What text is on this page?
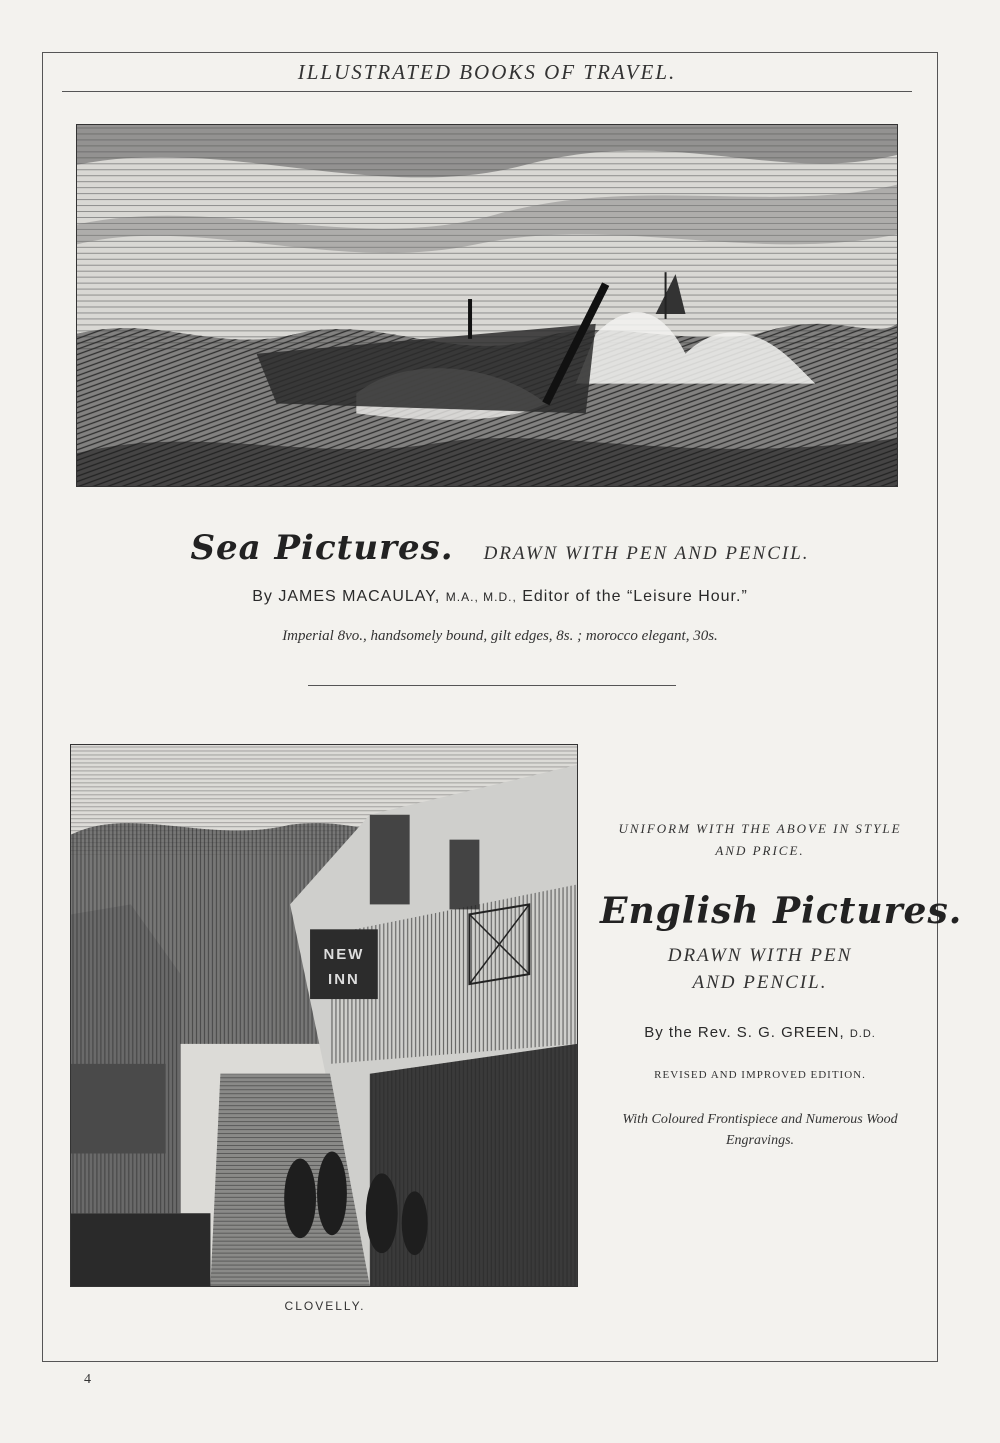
ILLUSTRATED BOOKS OF TRAVEL.
Sea Pictures. DRAWN WITH PEN AND PENCIL.
By JAMES MACAULAY, M.A., M.D., Editor of the “Leisure Hour.”
Imperial 8vo., handsomely bound, gilt edges, 8s. ; morocco elegant, 30s.
NEW
INN
CLOVELLY.
UNIFORM WITH THE ABOVE IN STYLE AND PRICE.
English Pictures.
DRAWN WITH PEN
AND PENCIL.
By the Rev. S. G. GREEN, D.D.
REVISED AND IMPROVED EDITION.
With Coloured Frontispiece and Numerous Wood Engravings.
4
